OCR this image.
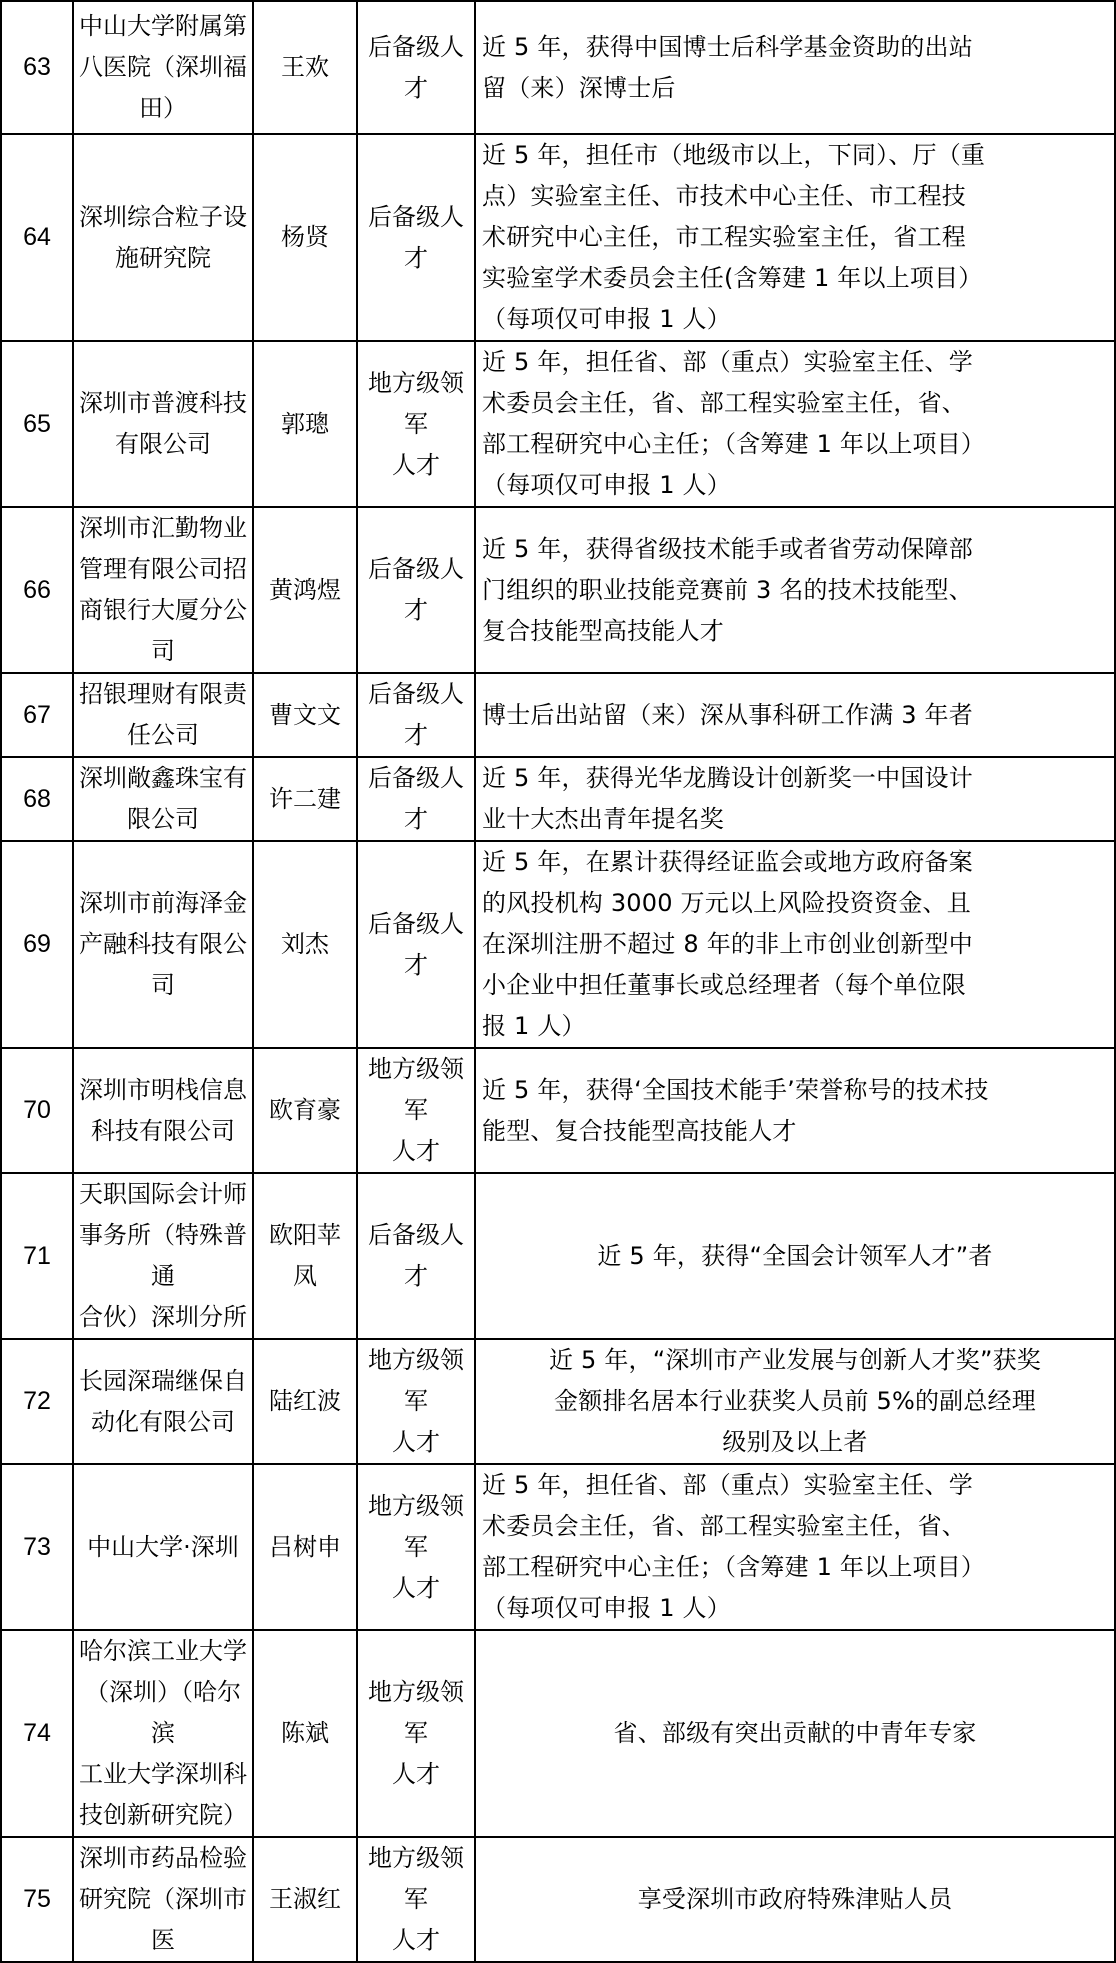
63	中山大学附属第
八医院（深圳福
田）	王欢	后备级人才	近 5 年，获得中国博士后科学基金资助的出站
留（来）深博士后
64	深圳综合粒子设
施研究院	杨贤	后备级人才	近 5 年，担任市（地级市以上，下同）、厅（重
点）实验室主任、市技术中心主任、市工程技
术研究中心主任，市工程实验室主任，省工程
实验室学术委员会主任(含筹建 1 年以上项目）
（每项仅可申报 1 人）
65	深圳市普渡科技
有限公司	郭璁	地方级领军
人才	近 5 年，担任省、部（重点）实验室主任、学
术委员会主任，省、部工程实验室主任，省、
部工程研究中心主任；（含筹建 1 年以上项目）
（每项仅可申报 1 人）
66	深圳市汇勤物业
管理有限公司招
商银行大厦分公
司	黄鸿煜	后备级人才	近 5 年，获得省级技术能手或者省劳动保障部
门组织的职业技能竞赛前 3 名的技术技能型、
复合技能型高技能人才
67	招银理财有限责
任公司	曹文文	后备级人才	博士后出站留（来）深从事科研工作满 3 年者
68	深圳敞鑫珠宝有
限公司	许二建	后备级人才	近 5 年，获得光华龙腾设计创新奖一中国设计
业十大杰出青年提名奖
69	深圳市前海泽金
产融科技有限公
司	刘杰	后备级人才	近 5 年，在累计获得经证监会或地方政府备案
的风投机构 3000 万元以上风险投资资金、且
在深圳注册不超过 8 年的非上市创业创新型中
小企业中担任董事长或总经理者（每个单位限
报 1 人）
70	深圳市明栈信息
科技有限公司	欧育豪	地方级领军
人才	近 5 年，获得‘全国技术能手’荣誉称号的技术技
能型、复合技能型高技能人才
71	天职国际会计师
事务所（特殊普通
合伙）深圳分所	欧阳苹凤	后备级人才	近 5 年，获得“全国会计领军人才”者
72	长园深瑞继保自
动化有限公司	陆红波	地方级领军
人才	近 5 年，“深圳市产业发展与创新人才奖”获奖
金额排名居本行业获奖人员前 5%的副总经理
级别及以上者
73	中山大学·深圳	吕树申	地方级领军
人才	近 5 年，担任省、部（重点）实验室主任、学
术委员会主任，省、部工程实验室主任，省、
部工程研究中心主任；（含筹建 1 年以上项目）
（每项仅可申报 1 人）
74	哈尔滨工业大学
（深圳）（哈尔滨
工业大学深圳科
技创新研究院）	陈斌	地方级领军
人才	省、部级有突出贡献的中青年专家
75	深圳市药品检验
研究院（深圳市医	王淑红	地方级领军
人才	享受深圳市政府特殊津贴人员
